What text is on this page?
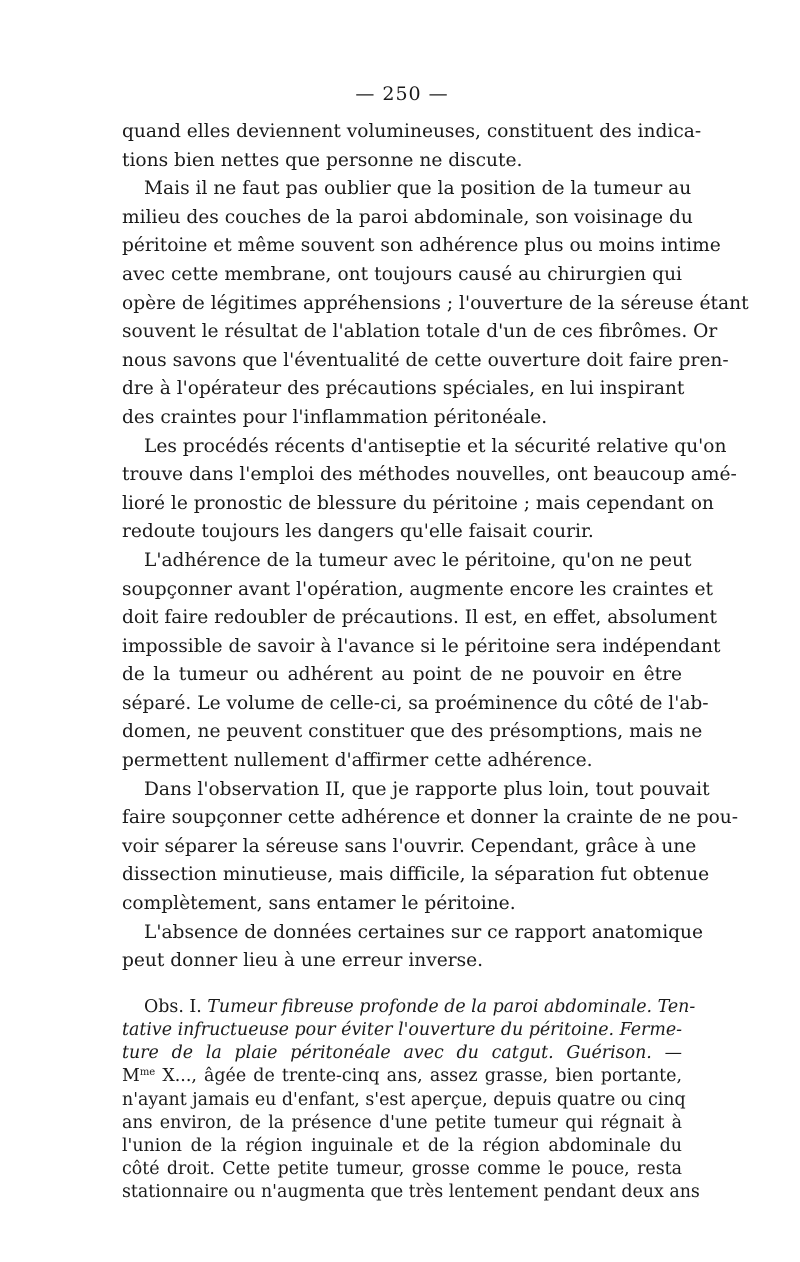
— 250 —
quand elles deviennent volumineuses, constituent des indica-
tions bien nettes que personne ne discute.
Mais il ne faut pas oublier que la position de la tumeur au
milieu des couches de la paroi abdominale, son voisinage du
péritoine et même souvent son adhérence plus ou moins intime
avec cette membrane, ont toujours causé au chirurgien qui
opère de légitimes appréhensions ; l'ouverture de la séreuse étant
souvent le résultat de l'ablation totale d'un de ces fibrômes. Or
nous savons que l'éventualité de cette ouverture doit faire pren-
dre à l'opérateur des précautions spéciales, en lui inspirant
des craintes pour l'inflammation péritonéale.
Les procédés récents d'antiseptie et la sécurité relative qu'on
trouve dans l'emploi des méthodes nouvelles, ont beaucoup amé-
lioré le pronostic de blessure du péritoine ; mais cependant on
redoute toujours les dangers qu'elle faisait courir.
L'adhérence de la tumeur avec le péritoine, qu'on ne peut
soupçonner avant l'opération, augmente encore les craintes et
doit faire redoubler de précautions. Il est, en effet, absolument
impossible de savoir à l'avance si le péritoine sera indépendant
de la tumeur ou adhérent au point de ne pouvoir en être
séparé. Le volume de celle-ci, sa proéminence du côté de l'ab-
domen, ne peuvent constituer que des présomptions, mais ne
permettent nullement d'affirmer cette adhérence.
Dans l'observation II, que je rapporte plus loin, tout pouvait
faire soupçonner cette adhérence et donner la crainte de ne pou-
voir séparer la séreuse sans l'ouvrir. Cependant, grâce à une
dissection minutieuse, mais difficile, la séparation fut obtenue
complètement, sans entamer le péritoine.
L'absence de données certaines sur ce rapport anatomique
peut donner lieu à une erreur inverse.
Obs. I. Tumeur fibreuse profonde de la paroi abdominale. Ten-
tative infructueuse pour éviter l'ouverture du péritoine. Ferme-
ture de la plaie péritonéale avec du catgut. Guérison. —
$M^{me}$ X..., âgée de trente-cinq ans, assez grasse, bien portante,
n'ayant jamais eu d'enfant, s'est aperçue, depuis quatre ou cinq
ans environ, de la présence d'une petite tumeur qui régnait à
l'union de la région inguinale et de la région abdominale du
côté droit. Cette petite tumeur, grosse comme le pouce, resta
stationnaire ou n'augmenta que très lentement pendant deux ans
